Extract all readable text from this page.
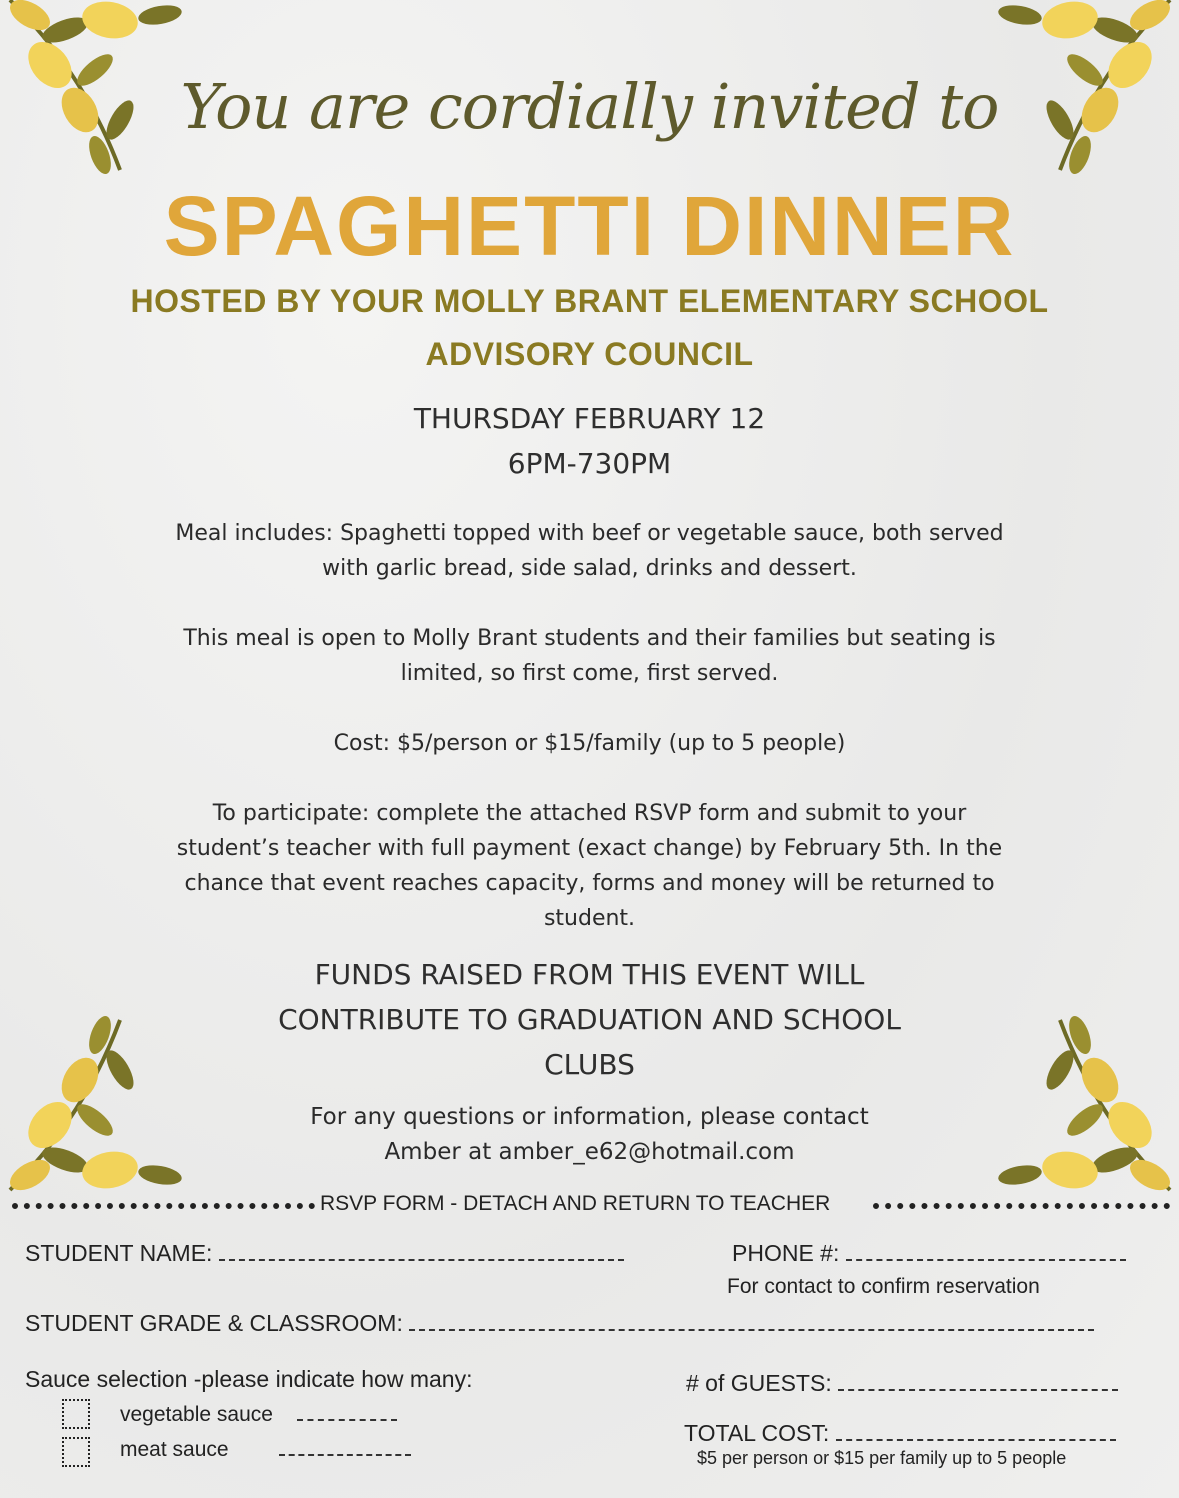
You are cordially invited to
SPAGHETTI DINNER
HOSTED BY YOUR MOLLY BRANT ELEMENTARY SCHOOL
ADVISORY COUNCIL
THURSDAY FEBRUARY 12
6PM-730PM
Meal includes: Spaghetti topped with beef or vegetable sauce, both served
with garlic bread, side salad, drinks and dessert.
This meal is open to Molly Brant students and their families but seating is
limited, so first come, first served.
Cost: $5/person or $15/family (up to 5 people)
To participate: complete the attached RSVP form and submit to your
student’s teacher with full payment (exact change) by February 5th. In the
chance that event reaches capacity, forms and money will be returned to
student.
FUNDS RAISED FROM THIS EVENT WILL
CONTRIBUTE TO GRADUATION AND SCHOOL
CLUBS
For any questions or information, please contact
Amber at amber_e62@hotmail.com
RSVP FORM - DETACH AND RETURN TO TEACHER
STUDENT NAME:	PHONE #:
For contact to confirm reservation
STUDENT GRADE & CLASSROOM:
Sauce selection -please indicate how many:
vegetable sauce
meat sauce
# of GUESTS:
TOTAL COST:
$5 per person or $15 per family up to 5 people
